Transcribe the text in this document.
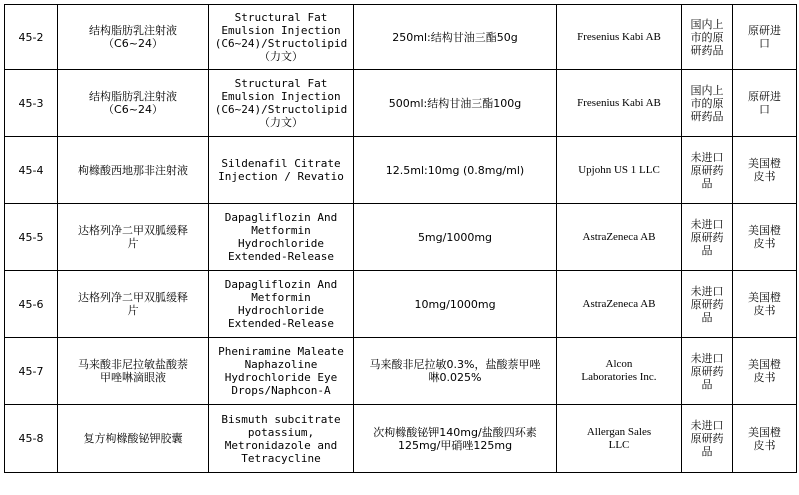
45-2	结构脂肪乳注射液
（C6~24）	Structural Fat
Emulsion Injection
(C6~24)/Structolipid
（力文）	250ml:结构甘油三酯50g	Fresenius Kabi AB	国内上
市的原
研药品	原研进
口

45-3	结构脂肪乳注射液
（C6~24）	Structural Fat
Emulsion Injection
(C6~24)/Structolipid
（力文）	500ml:结构甘油三酯100g	Fresenius Kabi AB	国内上
市的原
研药品	原研进
口

45-4	枸橼酸西地那非注射液	Sildenafil Citrate
Injection / Revatio	12.5ml:10mg (0.8mg/ml)	Upjohn US 1 LLC	未进口
原研药
品	美国橙
皮书

45-5	达格列净二甲双胍缓释
片	Dapagliflozin And
Metformin
Hydrochloride
Extended-Release	5mg/1000mg	AstraZeneca AB	未进口
原研药
品	美国橙
皮书

45-6	达格列净二甲双胍缓释
片	Dapagliflozin And
Metformin
Hydrochloride
Extended-Release	10mg/1000mg	AstraZeneca AB	未进口
原研药
品	美国橙
皮书

45-7	马来酸非尼拉敏盐酸萘
甲唑啉滴眼液	Pheniramine Maleate
Naphazoline
Hydrochloride Eye
Drops/Naphcon-A	马来酸非尼拉敏0.3%，盐酸萘甲唑
啉0.025%	Alcon
Laboratories Inc.	未进口
原研药
品	美国橙
皮书

45-8	复方枸橼酸铋钾胶囊	Bismuth subcitrate
potassium,
Metronidazole and
Tetracycline	次枸橼酸铋钾140mg/盐酸四环素
125mg/甲硝唑125mg	Allergan Sales
LLC	未进口
原研药
品	美国橙
皮书
